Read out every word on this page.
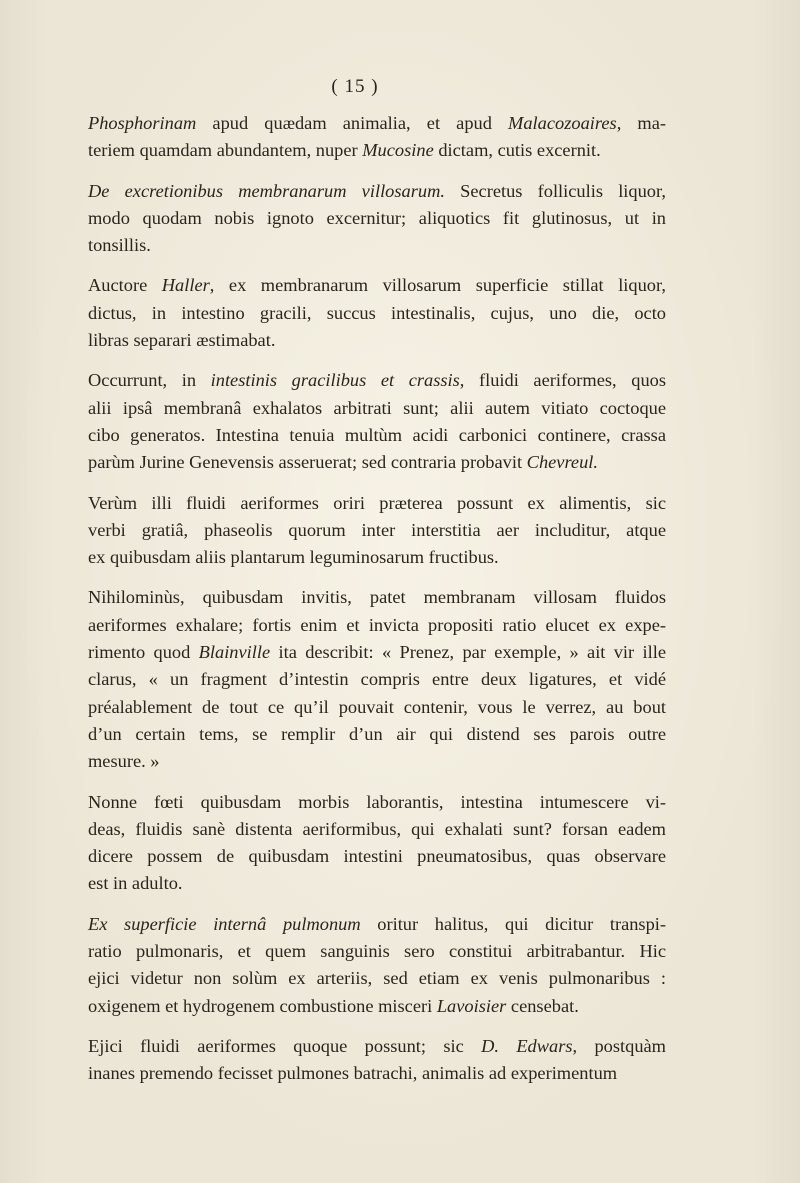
( 15 )

Phosphorinam apud quædam animalia, et apud Malacozoaires, ma-
teriem quamdam abundantem, nuper Mucosine dictam, cutis excernit.

De excretionibus membranarum villosarum. Secretus folliculis liquor,
modo quodam nobis ignoto excernitur; aliquotics fit glutinosus, ut in
tonsillis.

Auctore Haller, ex membranarum villosarum superficie stillat liquor,
dictus, in intestino gracili, succus intestinalis, cujus, uno die, octo
libras separari æstimabat.

Occurrunt, in intestinis gracilibus et crassis, fluidi aeriformes, quos
alii ipsâ membranâ exhalatos arbitrati sunt; alii autem vitiato coctoque
cibo generatos. Intestina tenuia multùm acidi carbonici continere, crassa
parùm Jurine Genevensis asseruerat; sed contraria probavit Chevreul.

Verùm illi fluidi aeriformes oriri præterea possunt ex alimentis, sic
verbi gratiâ, phaseolis quorum inter interstitia aer includitur, atque
ex quibusdam aliis plantarum leguminosarum fructibus.

Nihilominùs, quibusdam invitis, patet membranam villosam fluidos
aeriformes exhalare; fortis enim et invicta propositi ratio elucet ex expe-
rimento quod Blainville ita describit: « Prenez, par exemple, » ait vir ille
clarus, « un fragment d’intestin compris entre deux ligatures, et vidé
préalablement de tout ce qu’il pouvait contenir, vous le verrez, au bout
d’un certain tems, se remplir d’un air qui distend ses parois outre
mesure. »

Nonne fœti quibusdam morbis laborantis, intestina intumescere vi-
deas, fluidis sanè distenta aeriformibus, qui exhalati sunt? forsan eadem
dicere possem de quibusdam intestini pneumatosibus, quas observare
est in adulto.

Ex superficie internâ pulmonum oritur halitus, qui dicitur transpi-
ratio pulmonaris, et quem sanguinis sero constitui arbitrabantur. Hic
ejici videtur non solùm ex arteriis, sed etiam ex venis pulmonaribus :
oxigenem et hydrogenem combustione misceri Lavoisier censebat.

Ejici fluidi aeriformes quoque possunt; sic D. Edwars, postquàm
inanes premendo fecisset pulmones batrachi, animalis ad experimentum
